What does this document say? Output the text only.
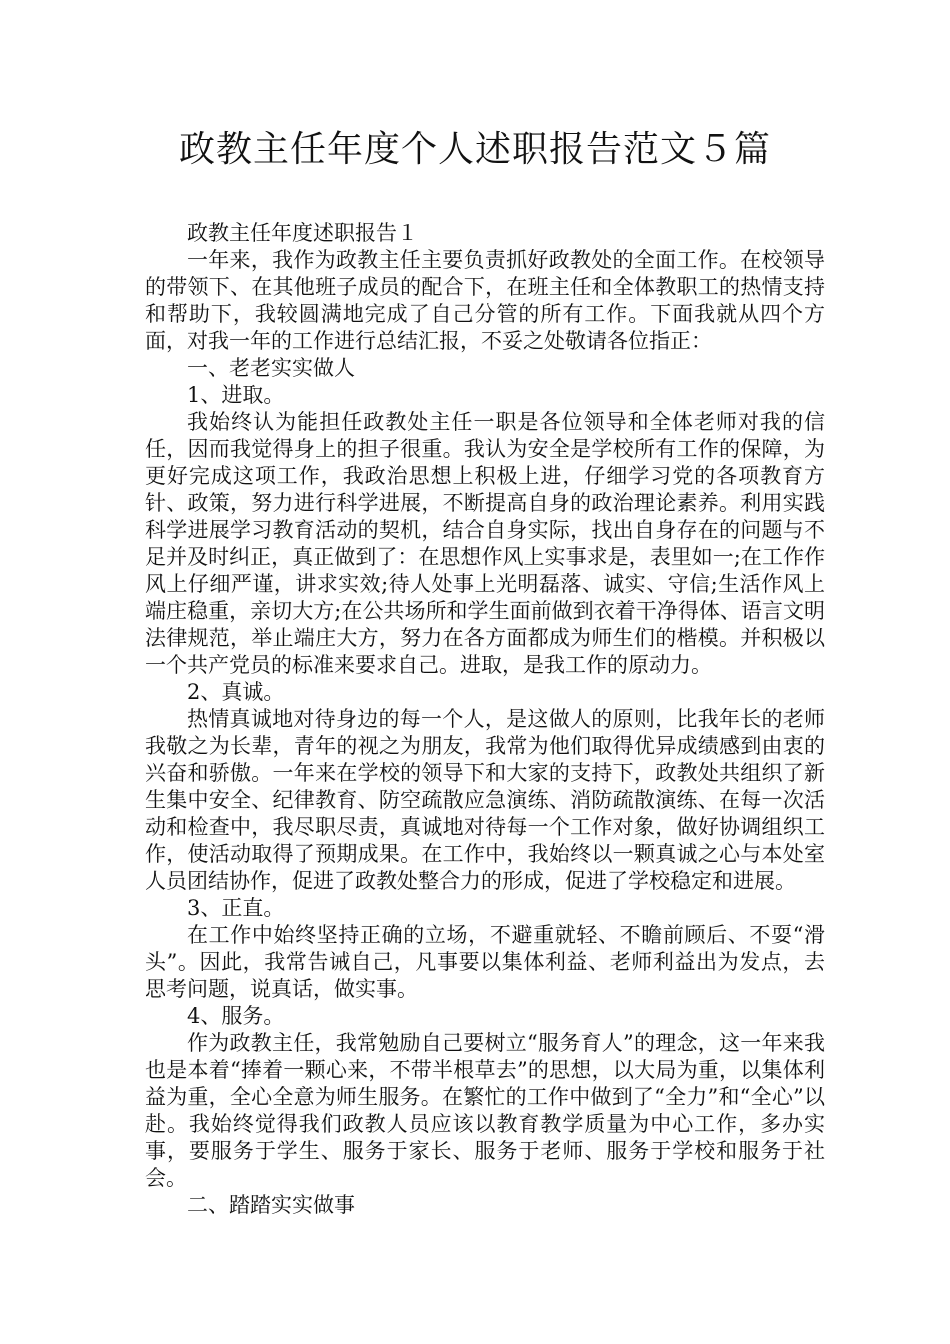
政教主任年度个人述职报告范文５篇

政教主任年度述职报告１

一年来，我作为政教主任主要负责抓好政教处的全面工作。在校领导的带领下、在其他班子成员的配合下，在班主任和全体教职工的热情支持和帮助下，我较圆满地完成了自己分管的所有工作。下面我就从四个方面，对我一年的工作进行总结汇报，不妥之处敬请各位指正：

一、老老实实做人

1、进取。

我始终认为能担任政教处主任一职是各位领导和全体老师对我的信任，因而我觉得身上的担子很重。我认为安全是学校所有工作的保障，为更好完成这项工作，我政治思想上积极上进，仔细学习党的各项教育方针、政策，努力进行科学进展，不断提高自身的政治理论素养。利用实践科学进展学习教育活动的契机，结合自身实际，找出自身存在的问题与不足并及时纠正，真正做到了：在思想作风上实事求是，表里如一;在工作作风上仔细严谨，讲求实效;待人处事上光明磊落、诚实、守信;生活作风上端庄稳重，亲切大方;在公共场所和学生面前做到衣着干净得体、语言文明法律规范，举止端庄大方，努力在各方面都成为师生们的楷模。并积极以一个共产党员的标准来要求自己。进取，是我工作的原动力。

2、真诚。

热情真诚地对待身边的每一个人，是这做人的原则，比我年长的老师我敬之为长辈，青年的视之为朋友，我常为他们取得优异成绩感到由衷的兴奋和骄傲。一年来在学校的领导下和大家的支持下，政教处共组织了新生集中安全、纪律教育、防空疏散应急演练、消防疏散演练、在每一次活动和检查中，我尽职尽责，真诚地对待每一个工作对象，做好协调组织工作，使活动取得了预期成果。在工作中，我始终以一颗真诚之心与本处室人员团结协作，促进了政教处整合力的形成，促进了学校稳定和进展。

3、正直。

在工作中始终坚持正确的立场，不避重就轻、不瞻前顾后、不耍“滑头”。因此，我常告诫自己，凡事要以集体利益、老师利益出为发点，去思考问题，说真话，做实事。

4、服务。

作为政教主任，我常勉励自己要树立“服务育人”的理念，这一年来我也是本着“捧着一颗心来，不带半根草去”的思想，以大局为重，以集体利益为重，全心全意为师生服务。在繁忙的工作中做到了“全力”和“全心”以赴。我始终觉得我们政教人员应该以教育教学质量为中心工作，多办实事，要服务于学生、服务于家长、服务于老师、服务于学校和服务于社会。

二、踏踏实实做事
